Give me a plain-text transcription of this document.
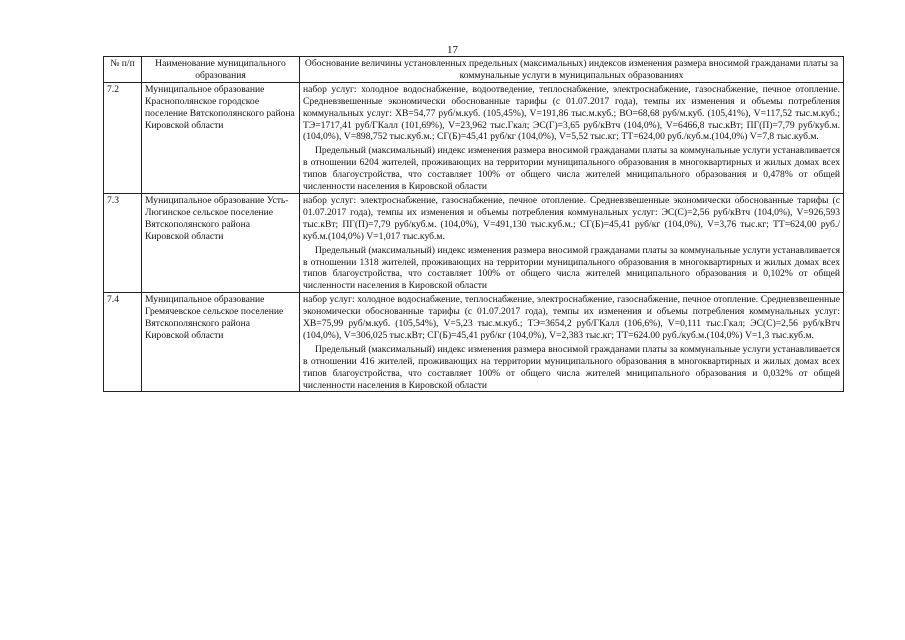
17
№ п/п	Наименование муниципального образования	Обоснование величины установленных предельных (максимальных) индексов изменения размера вносимой гражданами платы за коммунальные услуги в муниципальных образованиях
7.2	Муниципальное образование Краснополянское городское поселение Вятскополянского района Кировской области	набор услуг: холодное водоснабжение, водоотведение, теплоснабжение, электроснабжение, газоснабжение, печное отопление. Средневзвешенные экономически обоснованные тарифы (с 01.07.2017 года), темпы их изменения и объемы потребления коммунальных услуг: ХВ=54,77 руб/м.куб. (105,45%), V=191,86 тыс.м.куб.; ВО=68,68 руб/м.куб. (105,41%), V=117,52 тыс.м.куб.; ТЭ=1717,41 руб/ГКалл (101,69%), V=23,962 тыс.Гкал; ЭС(Г)=3,65 руб/кВтч (104,0%), V=6466,8 тыс.кВт; ПГ(П)=7,79 руб/куб.м. (104,0%), V=898,752 тыс.куб.м.; СГ(Б)=45,41 руб/кг (104,0%), V=5,52 тыс.кг; ТТ=624,00 руб./куб.м.(104,0%) V=7,8 тыс.куб.м.

Предельный (максимальный) индекс изменения размера вносимой гражданами платы за коммунальные услуги устанавливается в отношении 6204 жителей, проживающих на территории муниципального образования в многоквартирных и жилых домах всех типов благоустройства, что составляет 100% от общего числа жителей мниципального образования и 0,478% от общей численности населения в Кировской области

7.3	Муниципальное образование Усть-Люгинское сельское поселение Вятскополянского района Кировской области	набор услуг: электроснабжение, газоснабжение, печное отопление. Средневзвешенные экономически обоснованные тарифы (с 01.07.2017 года), темпы их изменения и объемы потребления коммунальных услуг: ЭС(С)=2,56 руб/кВтч (104,0%), V=926,593 тыс.кВт; ПГ(П)=7,79 руб/куб.м. (104,0%), V=491,130 тыс.куб.м.; СГ(Б)=45,41 руб/кг (104,0%), V=3,76 тыс.кг; ТТ=624,00 руб./куб.м.(104,0%) V=1,017 тыс.куб.м.

Предельный (максимальный) индекс изменения размера вносимой гражданами платы за коммунальные услуги устанавливается в отношении 1318 жителей, проживающих на территории муниципального образования в многоквартирных и жилых домах всех типов благоустройства, что составляет 100% от общего числа жителей мниципального образования и 0,102% от общей численности населения в Кировской области

7.4	Муниципальное образование Гремячевское сельское поселение Вятскополянского района Кировской области	набор услуг: холодное водоснабжение, теплоснабжение, электроснабжение, газоснабжение, печное отопление. Средневзвешенные экономически обоснованные тарифы (с 01.07.2017 года), темпы их изменения и объемы потребления коммунальных услуг: ХВ=75,99 руб/м.куб. (105,54%), V=5,23 тыс.м.куб.; ТЭ=3654,2 руб/ГКалл (106,6%), V=0,111 тыс.Гкал; ЭС(С)=2,56 руб/кВтч (104,0%), V=306,025 тыс.кВт; СГ(Б)=45,41 руб/кг (104,0%), V=2,383 тыс.кг; ТТ=624.00 руб./куб.м.(104,0%) V=1,3 тыс.куб.м.

Предельный (максимальный) индекс изменения размера вносимой гражданами платы за коммунальные услуги устанавливается в отношении 416 жителей, проживающих на территории муниципального образования в многоквартирных и жилых домах всех типов благоустройства, что составляет 100% от общего числа жителей мниципального образования и 0,032% от общей численности населения в Кировской области
